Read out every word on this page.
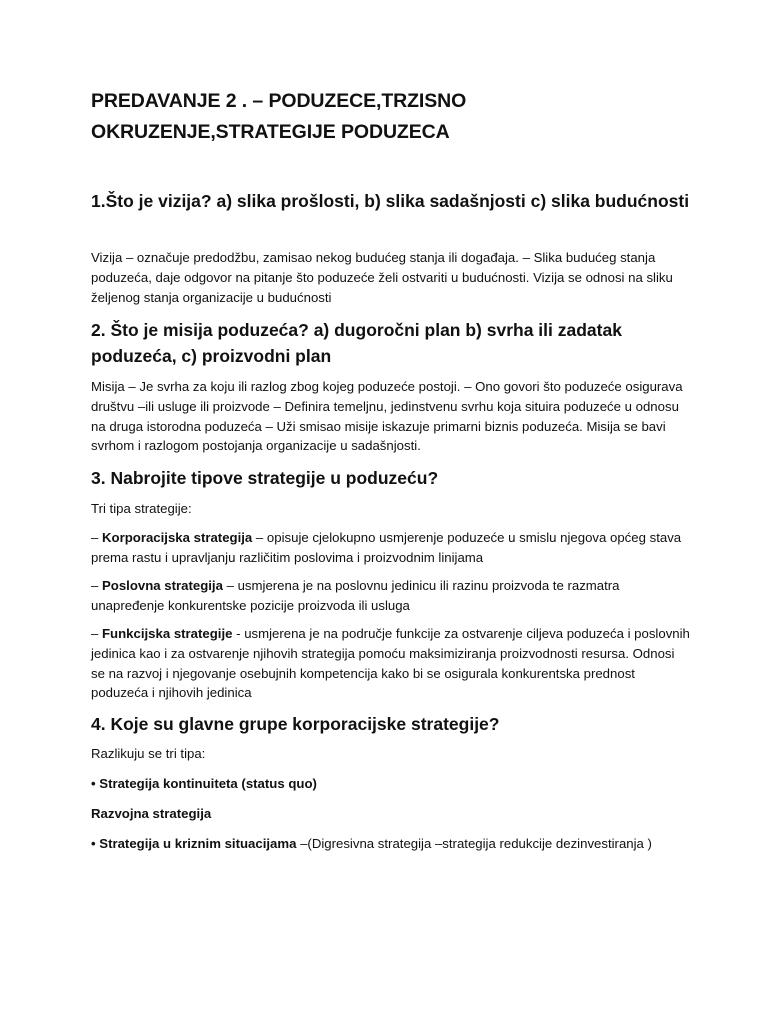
PREDAVANJE 2 . – PODUZECE,TRZISNO
OKRUZENJE,STRATEGIJE PODUZECA

1.Što je vizija? a) slika prošlosti, b) slika sadašnjosti c) slika budućnosti

Vizija – označuje predodžbu, zamisao nekog budućeg stanja ili događaja. – Slika budućeg stanja poduzeća, daje odgovor na pitanje što poduzeće želi ostvariti u budućnosti. Vizija se odnosi na sliku željenog stanja organizacije u budućnosti

2. Što je misija poduzeća? a) dugoročni plan b) svrha ili zadatak poduzeća, c) proizvodni plan

Misija – Je svrha za koju ili razlog zbog kojeg poduzeće postoji. – Ono govori što poduzeće osigurava društvu –ili usluge ili proizvode – Definira temeljnu, jedinstvenu svrhu koja situira poduzeće u odnosu na druga istorodna poduzeća – Uži smisao misije iskazuje primarni biznis poduzeća. Misija se bavi svrhom i razlogom postojanja organizacije u sadašnjosti.

3. Nabrojite tipove strategije u poduzeću?

Tri tipa strategije:

– Korporacijska strategija – opisuje cjelokupno usmjerenje poduzeće u smislu njegova općeg stava prema rastu i upravljanju različitim poslovima i proizvodnim linijama

– Poslovna strategija – usmjerena je na poslovnu jedinicu ili razinu proizvoda te razmatra unapređenje konkurentske pozicije proizvoda ili usluga

– Funkcijska strategije - usmjerena je na područje funkcije za ostvarenje ciljeva poduzeća i poslovnih jedinica kao i za ostvarenje njihovih strategija pomoću maksimiziranja proizvodnosti resursa. Odnosi se na razvoj i njegovanje osebujnih kompetencija kako bi se osigurala konkurentska prednost poduzeća i njihovih jedinica

4. Koje su glavne grupe korporacijske strategije?

Razlikuju se tri tipa:

• Strategija kontinuiteta (status quo)

Razvojna strategija

• Strategija u kriznim situacijama –(Digresivna strategija –strategija redukcije dezinvestiranja )
